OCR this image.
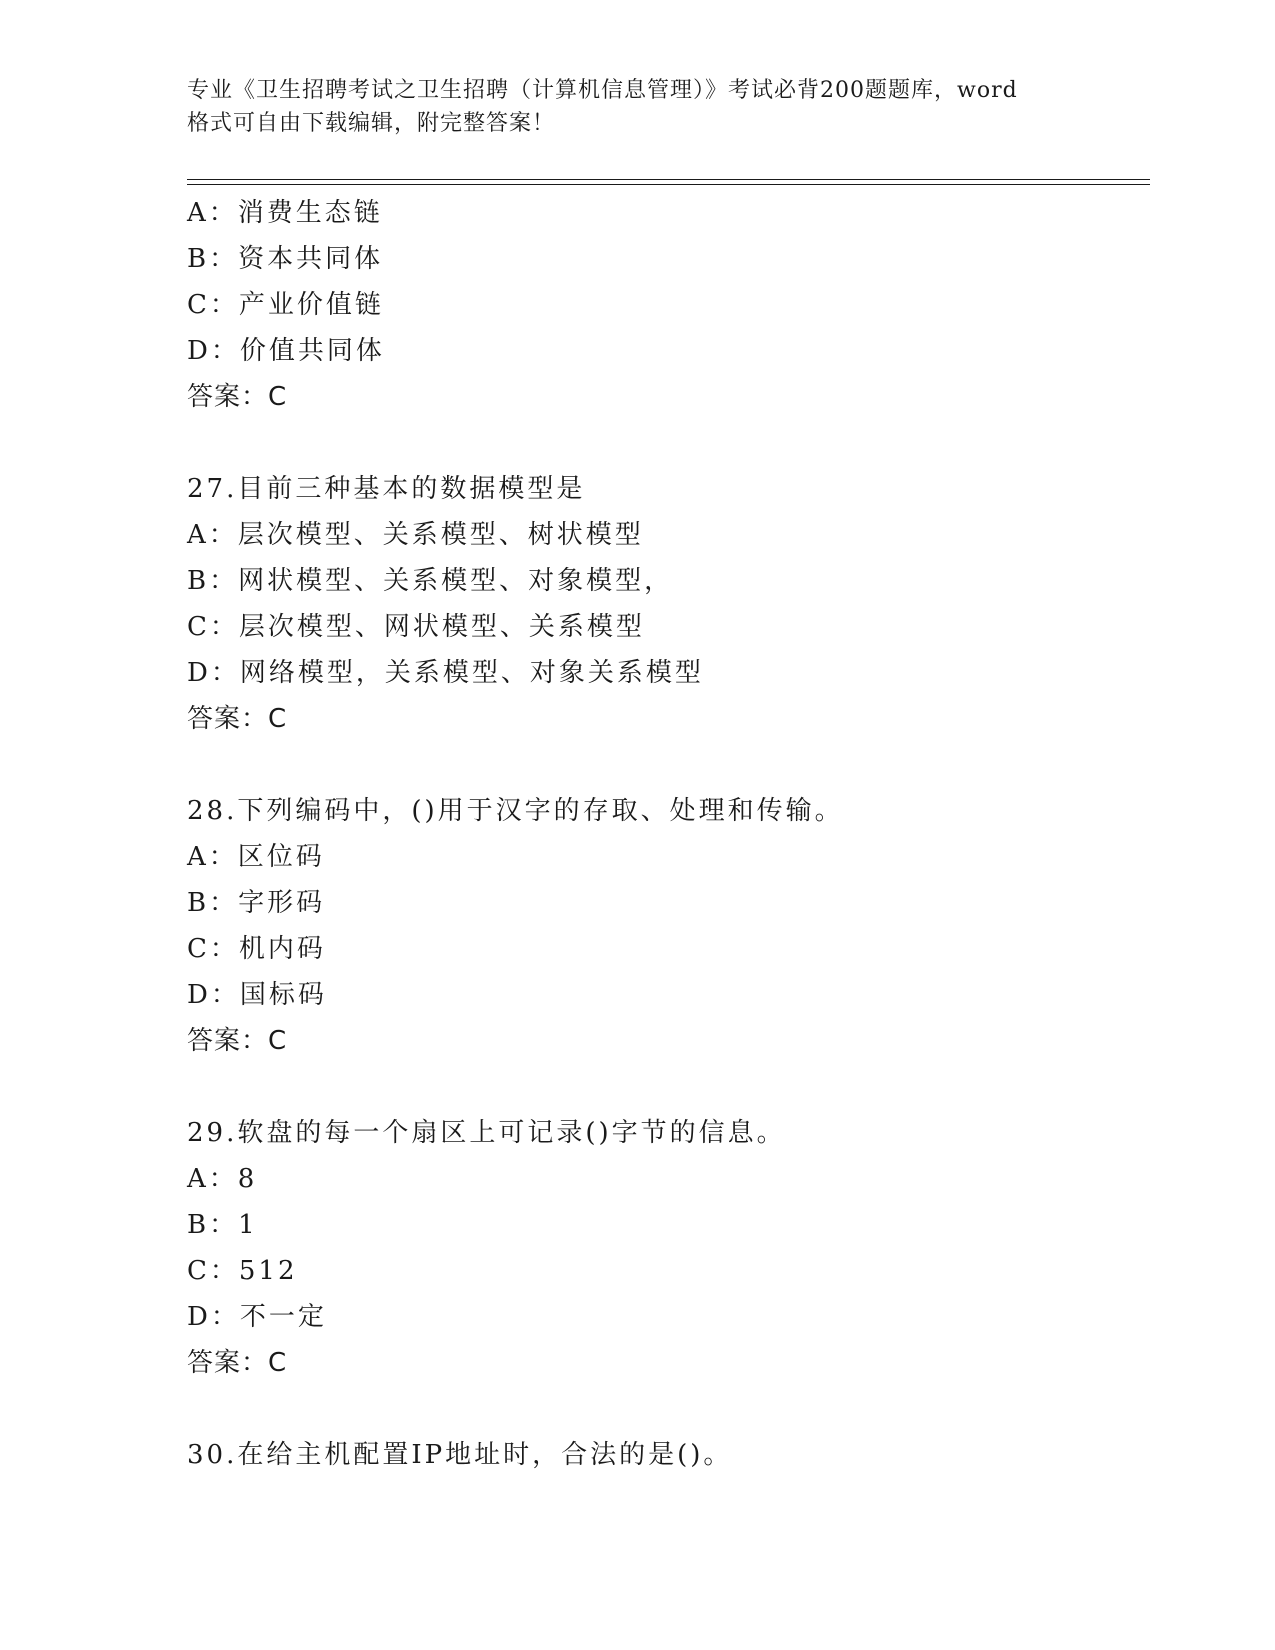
专业《卫生招聘考试之卫生招聘（计算机信息管理）》考试必背200题题库，word
格式可自由下载编辑，附完整答案！
A：消费生态链
B：资本共同体
C：产业价值链
D：价值共同体
答案：C
27.目前三种基本的数据模型是
A：层次模型、关系模型、树状模型
B：网状模型、关系模型、对象模型，
C：层次模型、网状模型、关系模型
D：网络模型，关系模型、对象关系模型
答案：C
28.下列编码中，()用于汉字的存取、处理和传输。
A：区位码
B：字形码
C：机内码
D：国标码
答案：C
29.软盘的每一个扇区上可记录()字节的信息。
A：8
B：1
C：512
D：不一定
答案：C
30.在给主机配置IP地址时，合法的是()。
